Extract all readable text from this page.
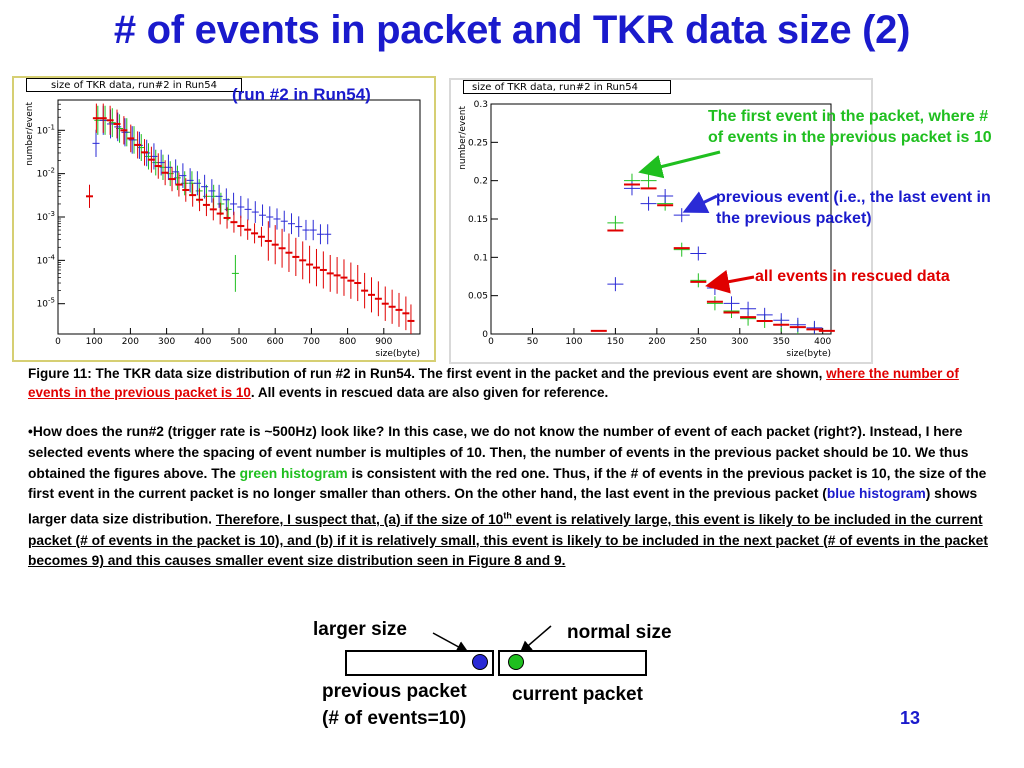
# of events in packet and TKR data size (2)
0	100 200 300 400 500 600 700 800 900
$10^{-5}$
$10^{-4}$
$10^{-3}$
$10^{-2}$
$10^{-1}$
size(byte)
number/event
size of TKR data, run#2 in Run54 (run #2 in Run54)
0	50	100	150	200	250	300	350	400
0
0.05
0.1
0.15
0.2
0.25
0.3
size(byte)
number/event
size of TKR data, run#2 in Run54
The first event in the packet, where # of events in the previous packet is 10
previous event (i.e., the last event in the previous packet)
all events in rescued data
Figure 11: The TKR data size distribution of run #2 in Run54. The first event in the packet and the previous event are shown, where the number of events in the previous packet is 10. All events in rescued data are also given for reference.
•How does the run#2 (trigger rate is ~500Hz) look like? In this case, we do not know the number of event of each packet (right?). Instead, I here selected events where the spacing of event number is multiples of 10. Then, the number of events in the previous packet should be 10. We thus obtained the figures above. The green histogram is consistent with the red one. Thus, if the # of events in the previous packet is 10, the size of the first event in the current packet is no longer smaller than others. On the other hand, the last event in the previous packet (blue histogram) shows larger data size distribution. Therefore, I suspect that, (a) if the size of 10th event is relatively large, this event is likely to be included in the current packet (# of events in the packet is 10), and (b) if it is relatively small, this event is likely to be included in the next packet (# of events in the packet becomes 9) and this causes smaller event size distribution seen in Figure 8 and 9.
larger size	normal size
previous packet
(# of events=10)
current packet
13
